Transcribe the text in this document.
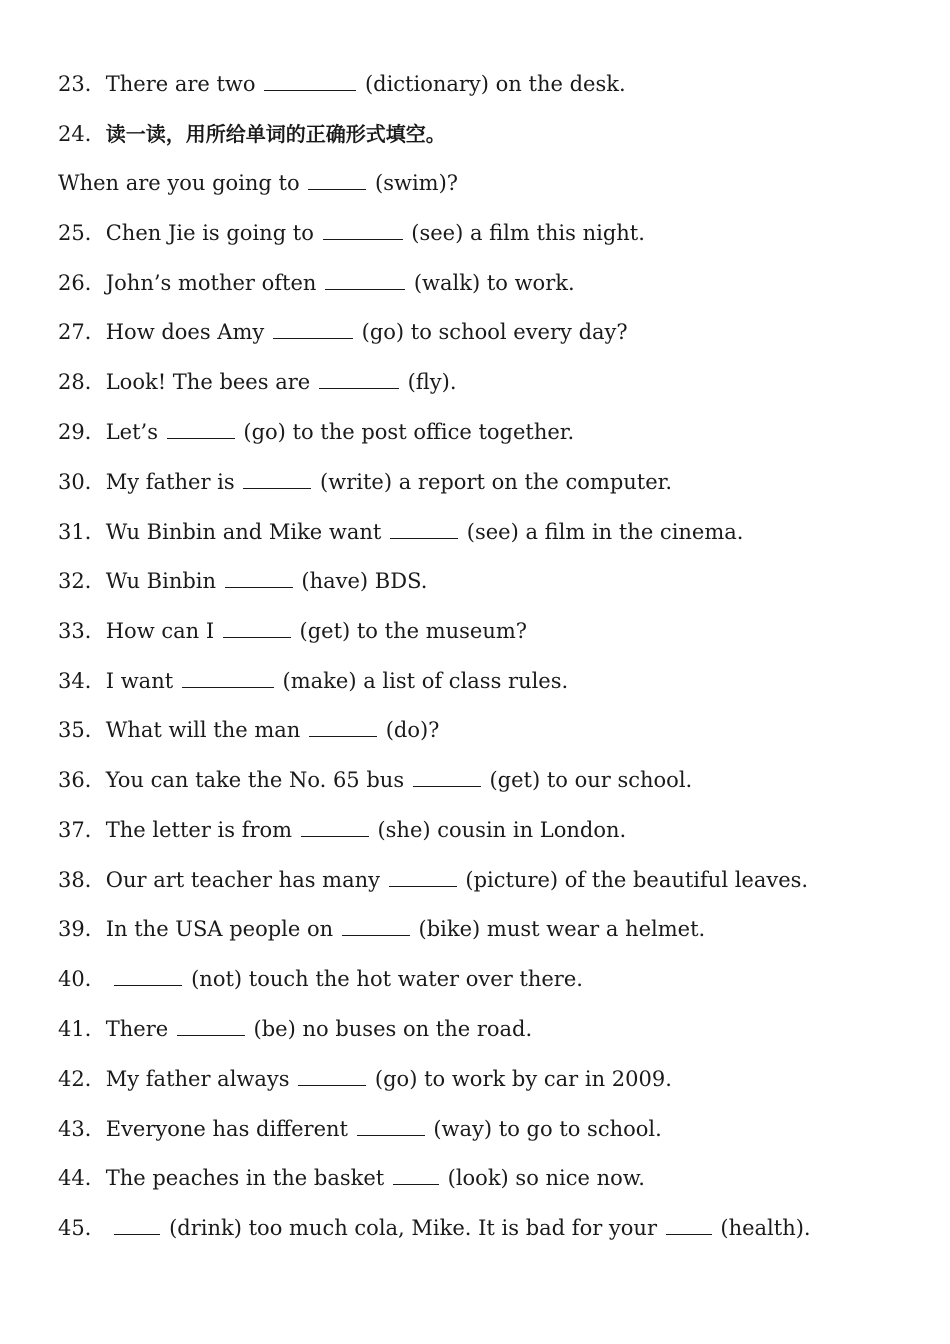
23．There are two	(dictionary) on the desk.
24．读一读，用所给单词的正确形式填空。
When are you going to	(swim)?
25．Chen Jie is going to	(see) a film this night.
26．John’s mother often	(walk) to work.
27．How does Amy	(go) to school every day?
28．Look! The bees are	(fly).
29．Let’s	(go) to the post office together.
30．My father is	(write) a report on the computer.
31．Wu Binbin and Mike want	(see) a film in the cinema.
32．Wu Binbin	(have) BDS.
33．How can I	(get) to the museum?
34．I want	(make) a list of class rules.
35．What will the man	(do)?
36．You can take the No. 65 bus	(get) to our school.
37．The letter is from	(she) cousin in London.
38．Our art teacher has many	(picture) of the beautiful leaves.
39．In the USA people on	(bike) must wear a helmet.
40．	(not) touch the hot water over there.
41．There	(be) no buses on the road.
42．My father always	(go) to work by car in 2009.
43．Everyone has different	(way) to go to school.
44．The peaches in the basket	(look) so nice now.
45．	(drink) too much cola, Mike. It is bad for your	(health).
